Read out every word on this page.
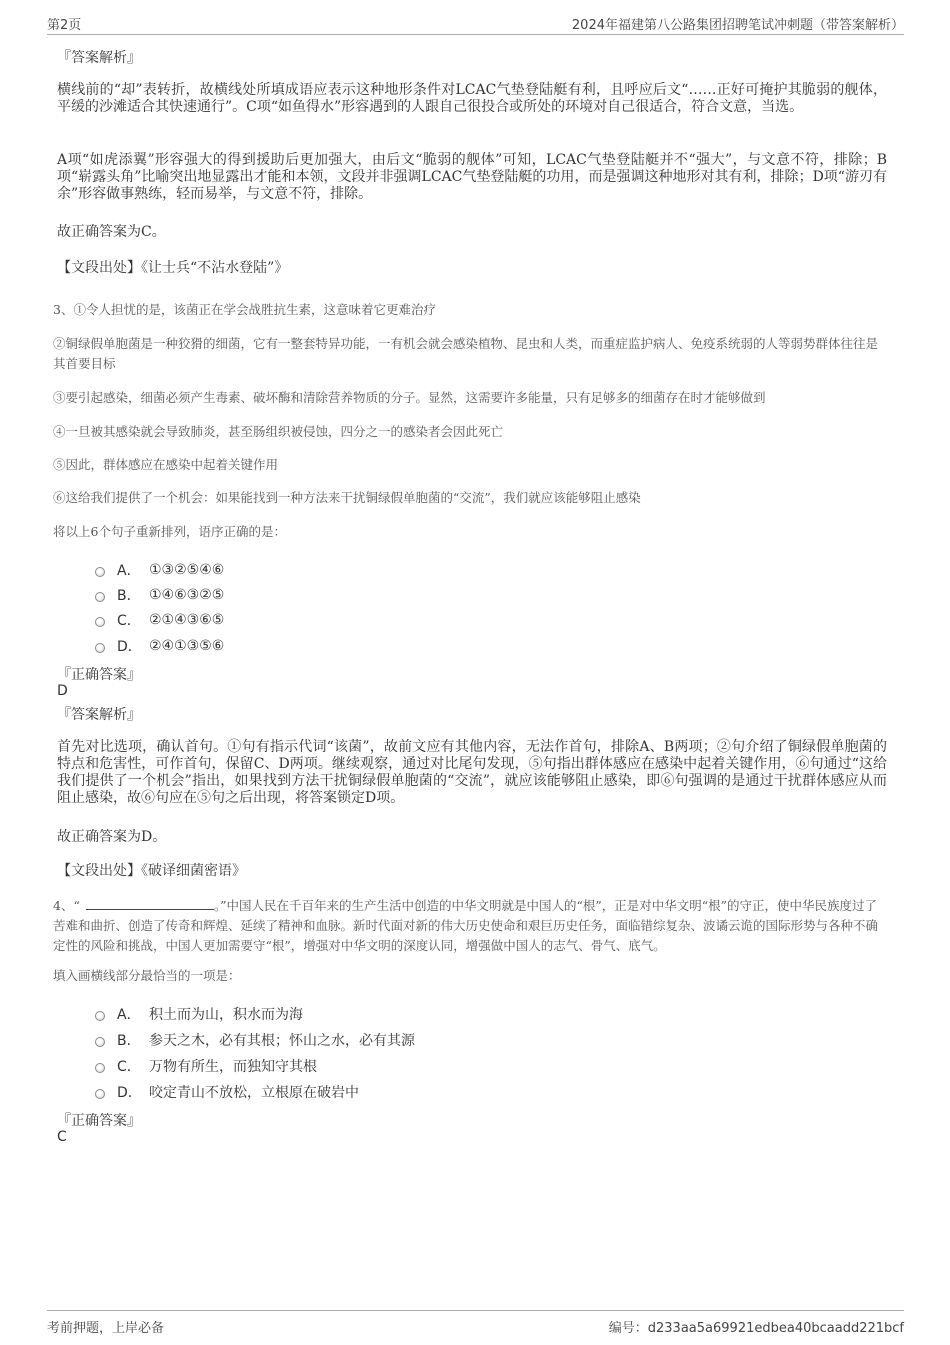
第2页	2024年福建第八公路集团招聘笔试冲刺题（带答案解析）
『答案解析』
横线前的“却”表转折，故横线处所填成语应表示这种地形条件对LCAC气垫登陆艇有利，且呼应后文“……正好可掩护其脆弱的舰体，平缓的沙滩适合其快速通行”。C项“如鱼得水”形容遇到的人跟自己很投合或所处的环境对自己很适合，符合文意，当选。
A项“如虎添翼”形容强大的得到援助后更加强大，由后文“脆弱的舰体”可知，LCAC气垫登陆艇并不“强大”，与文意不符，排除；B项“崭露头角”比喻突出地显露出才能和本领，文段并非强调LCAC气垫登陆艇的功用，而是强调这种地形对其有利，排除；D项“游刃有余”形容做事熟练，轻而易举，与文意不符，排除。
故正确答案为C。
【文段出处】《让士兵“不沾水登陆”》
3、①令人担忧的是，该菌正在学会战胜抗生素，这意味着它更难治疗
②铜绿假单胞菌是一种狡猾的细菌，它有一整套特异功能，一有机会就会感染植物、昆虫和人类，而重症监护病人、免疫系统弱的人等弱势群体往往是其首要目标
③要引起感染，细菌必须产生毒素、破坏酶和清除营养物质的分子。显然，这需要许多能量，只有足够多的细菌存在时才能够做到
④一旦被其感染就会导致肺炎，甚至肠组织被侵蚀，四分之一的感染者会因此死亡
⑤因此，群体感应在感染中起着关键作用
⑥这给我们提供了一个机会：如果能找到一种方法来干扰铜绿假单胞菌的“交流”，我们就应该能够阻止感染
将以上6个句子重新排列，语序正确的是：
A． ①③②⑤④⑥
B． ①④⑥③②⑤
C． ②①④③⑥⑤
D． ②④①③⑤⑥
『正确答案』
D
『答案解析』
首先对比选项，确认首句。①句有指示代词“该菌”，故前文应有其他内容，无法作首句，排除A、B两项；②句介绍了铜绿假单胞菌的特点和危害性，可作首句，保留C、D两项。继续观察，通过对比尾句发现，⑤句指出群体感应在感染中起着关键作用，⑥句通过“这给我们提供了一个机会”指出，如果找到方法干扰铜绿假单胞菌的“交流”，就应该能够阻止感染，即⑥句强调的是通过干扰群体感应从而阻止感染，故⑥句应在⑤句之后出现，将答案锁定D项。
故正确答案为D。
【文段出处】《破译细菌密语》
4、“	。”中国人民在千百年来的生产生活中创造的中华文明就是中国人的“根”，正是对中华文明“根”的守正，使中华民族度过了苦难和曲折、创造了传奇和辉煌、延续了精神和血脉。新时代面对新的伟大历史使命和艰巨历史任务，面临错综复杂、波谲云诡的国际形势与各种不确定性的风险和挑战，中国人更加需要守“根”，增强对中华文明的深度认同，增强做中国人的志气、骨气、底气。
填入画横线部分最恰当的一项是：
A． 积土而为山，积水而为海
B． 参天之木，必有其根；怀山之水，必有其源
C． 万物有所生，而独知守其根
D． 咬定青山不放松，立根原在破岩中
『正确答案』
C
考前押题，上岸必备	编号：d233aa5a69921edbea40bcaadd221bcf
